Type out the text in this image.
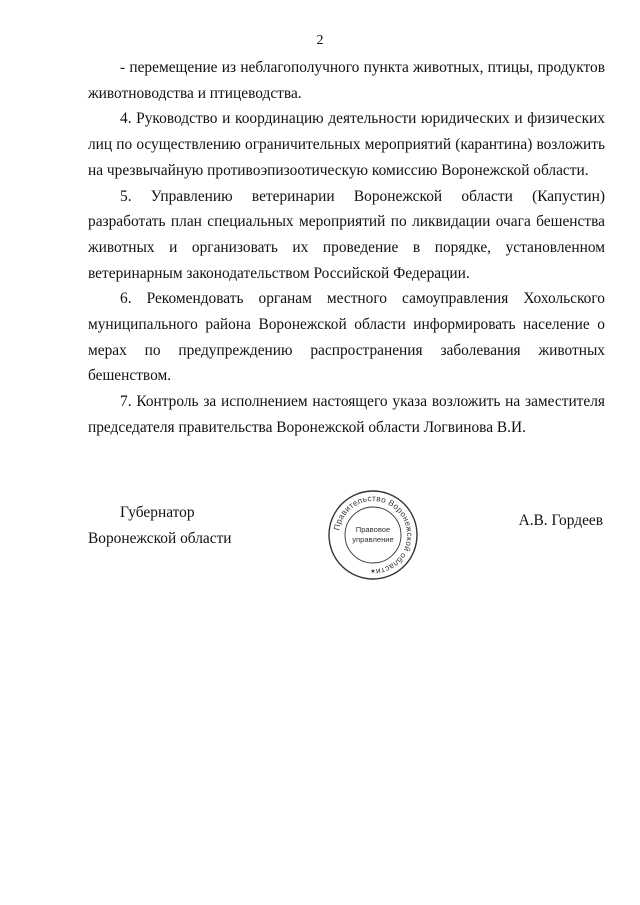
2

- перемещение из неблагополучного пункта животных, птицы, продуктов животноводства и птицеводства.

4. Руководство и координацию деятельности юридических и физических лиц по осуществлению ограничительных мероприятий (карантина) возложить на чрезвычайную противоэпизоотическую комиссию Воронежской области.

5. Управлению ветеринарии Воронежской области (Капустин) разработать план специальных мероприятий по ликвидации очага бешенства животных и организовать их проведение в порядке, установленном ветеринарным законодательством Российской Федерации.

6. Рекомендовать органам местного самоуправления Хохольского муниципального района Воронежской области информировать население о мерах по предупреждению распространения заболевания животных бешенством.

7. Контроль за исполнением настоящего указа возложить на заместителя председателя правительства Воронежской области Логвинова В.И.

Губернатор
Воронежской области
Правительство Воронежской области
Правовое
управление
★
А.В. Гордеев
